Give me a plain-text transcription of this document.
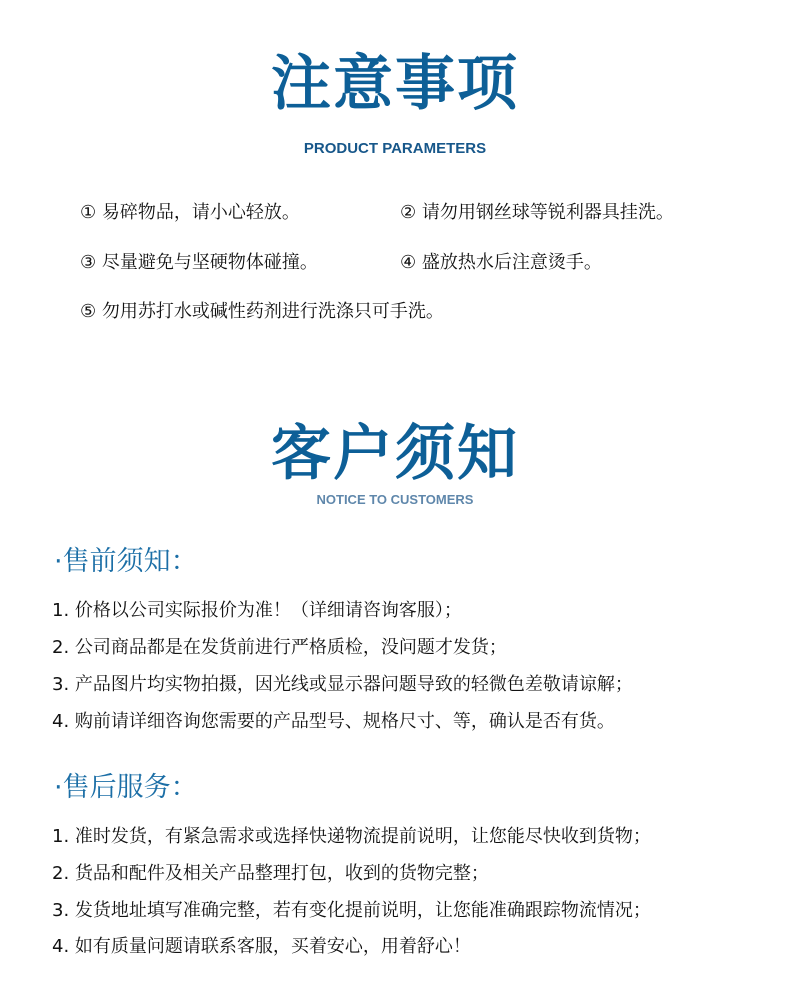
注意事项
PRODUCT PARAMETERS
① 易碎物品，请小心轻放。	② 请勿用钢丝球等锐利器具挂洗。
③ 尽量避免与坚硬物体碰撞。	④ 盛放热水后注意烫手。
⑤ 勿用苏打水或碱性药剂进行洗涤只可手洗。
客户须知
NOTICE TO CUSTOMERS
·售前须知：
1. 价格以公司实际报价为准！（详细请咨询客服）；
2. 公司商品都是在发货前进行严格质检，没问题才发货；
3. 产品图片均实物拍摄，因光线或显示器问题导致的轻微色差敬请谅解；
4. 购前请详细咨询您需要的产品型号、规格尺寸、等，确认是否有货。
·售后服务：
1. 准时发货，有紧急需求或选择快递物流提前说明，让您能尽快收到货物；
2. 货品和配件及相关产品整理打包，收到的货物完整；
3. 发货地址填写准确完整，若有变化提前说明，让您能准确跟踪物流情况；
4. 如有质量问题请联系客服，买着安心，用着舒心！
